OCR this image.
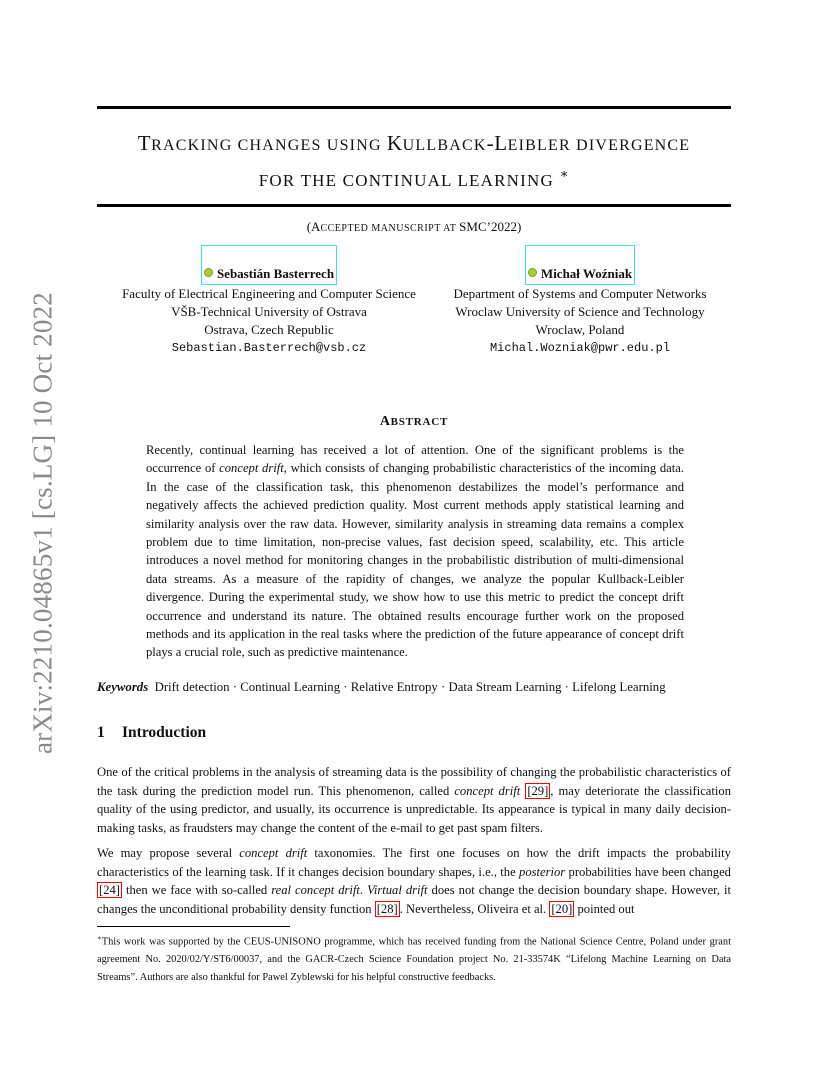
arXiv:2210.04865v1 [cs.LG] 10 Oct 2022
TRACKING CHANGES USING KULLBACK-LEIBLER DIVERGENCE
FOR THE CONTINUAL LEARNING ∗
(ACCEPTED MANUSCRIPT AT SMC’2022)
Sebastián Basterrech
Faculty of Electrical Engineering and Computer Science
VŠB-Technical University of Ostrava
Ostrava, Czech Republic
Sebastian.Basterrech@vsb.cz
Michał Woźniak
Department of Systems and Computer Networks
Wroclaw University of Science and Technology
Wroclaw, Poland
Michal.Wozniak@pwr.edu.pl
ABSTRACT
Recently, continual learning has received a lot of attention. One of the significant problems is the occurrence of concept drift, which consists of changing probabilistic characteristics of the incoming data. In the case of the classification task, this phenomenon destabilizes the model’s performance and negatively affects the achieved prediction quality. Most current methods apply statistical learning and similarity analysis over the raw data. However, similarity analysis in streaming data remains a complex problem due to time limitation, non-precise values, fast decision speed, scalability, etc. This article introduces a novel method for monitoring changes in the probabilistic distribution of multi-dimensional data streams. As a measure of the rapidity of changes, we analyze the popular Kullback-Leibler divergence. During the experimental study, we show how to use this metric to predict the concept drift occurrence and understand its nature. The obtained results encourage further work on the proposed methods and its application in the real tasks where the prediction of the future appearance of concept drift plays a crucial role, such as predictive maintenance.
Keywords Drift detection · Continual Learning · Relative Entropy · Data Stream Learning · Lifelong Learning
1 Introduction
One of the critical problems in the analysis of streaming data is the possibility of changing the probabilistic characteristics of the task during the prediction model run. This phenomenon, called concept drift [29] , may deteriorate the classification quality of the using predictor, and usually, its occurrence is unpredictable. Its appearance is typical in many daily decision-making tasks, as fraudsters may change the content of the e-mail to get past spam filters.
We may propose several concept drift taxonomies. The first one focuses on how the drift impacts the probability characteristics of the learning task. If it changes decision boundary shapes, i.e., the posterior probabilities have been changed [24] then we face with so-called real concept drift. Virtual drift does not change the decision boundary shape. However, it changes the unconditional probability density function [28] . Nevertheless, Oliveira et al. [20] pointed out
∗This work was supported by the CEUS-UNISONO programme, which has received funding from the National Science Centre, Poland under grant agreement No. 2020/02/Y/ST6/00037, and the GACR-Czech Science Foundation project No. 21-33574K “Lifelong Machine Learning on Data Streams”. Authors are also thankful for Pawel Zyblewski for his helpful constructive feedbacks.
